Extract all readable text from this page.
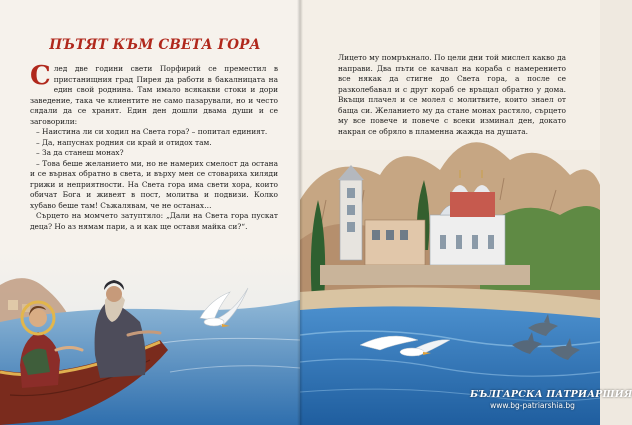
ПЪТЯТ КЪМ СВЕТА ГОРА

След две години свети Порфирий се преместил в пристанищния град Пирея да работи в бакалницата на един свой роднина. Там имало всякакви стоки и дори заведение, така че клиентите не само пазарували, но и често сядали да се хранят. Един ден дошли двама души и се заговорили:

– Наистина ли си ходил на Света гора? – попитал единият.

– Да, напуснах родния си край и отидох там.

– За да станеш монах?

– Това беше желанието ми, но не намерих смелост да остана и се върнах обратно в света, и върху мен се стовариха хиляди грижи и неприятности. На Света гора има свети хора, които обичат Бога и живеят в пост, молитва и подвизи. Колко хубаво беше там! Съжалявам, че не останах…

Сърцето на момчето затуптяло: „Дали на Света гора пускат деца? Но аз нямам пари, а и как ще оставя майка си?“.

Лицето му помръкнало. По цели дни той мислел какво да направи. Два пъти се качвал на кораба с намерението все някак да стигне до Света гора, а после се разколебавал и с друг кораб се връщал обратно у дома. Вкъщи плачел и се молел с молитвите, които знаел от баща си. Желанието му да стане монах растяло, сърцето му все повече и повече с всеки изминал ден, докато накрая се обряло в пламенна жажда на душата.

БЪЛГАРСКА ПАТРИАРШИЯ
www.bg-patriarshia.bg
